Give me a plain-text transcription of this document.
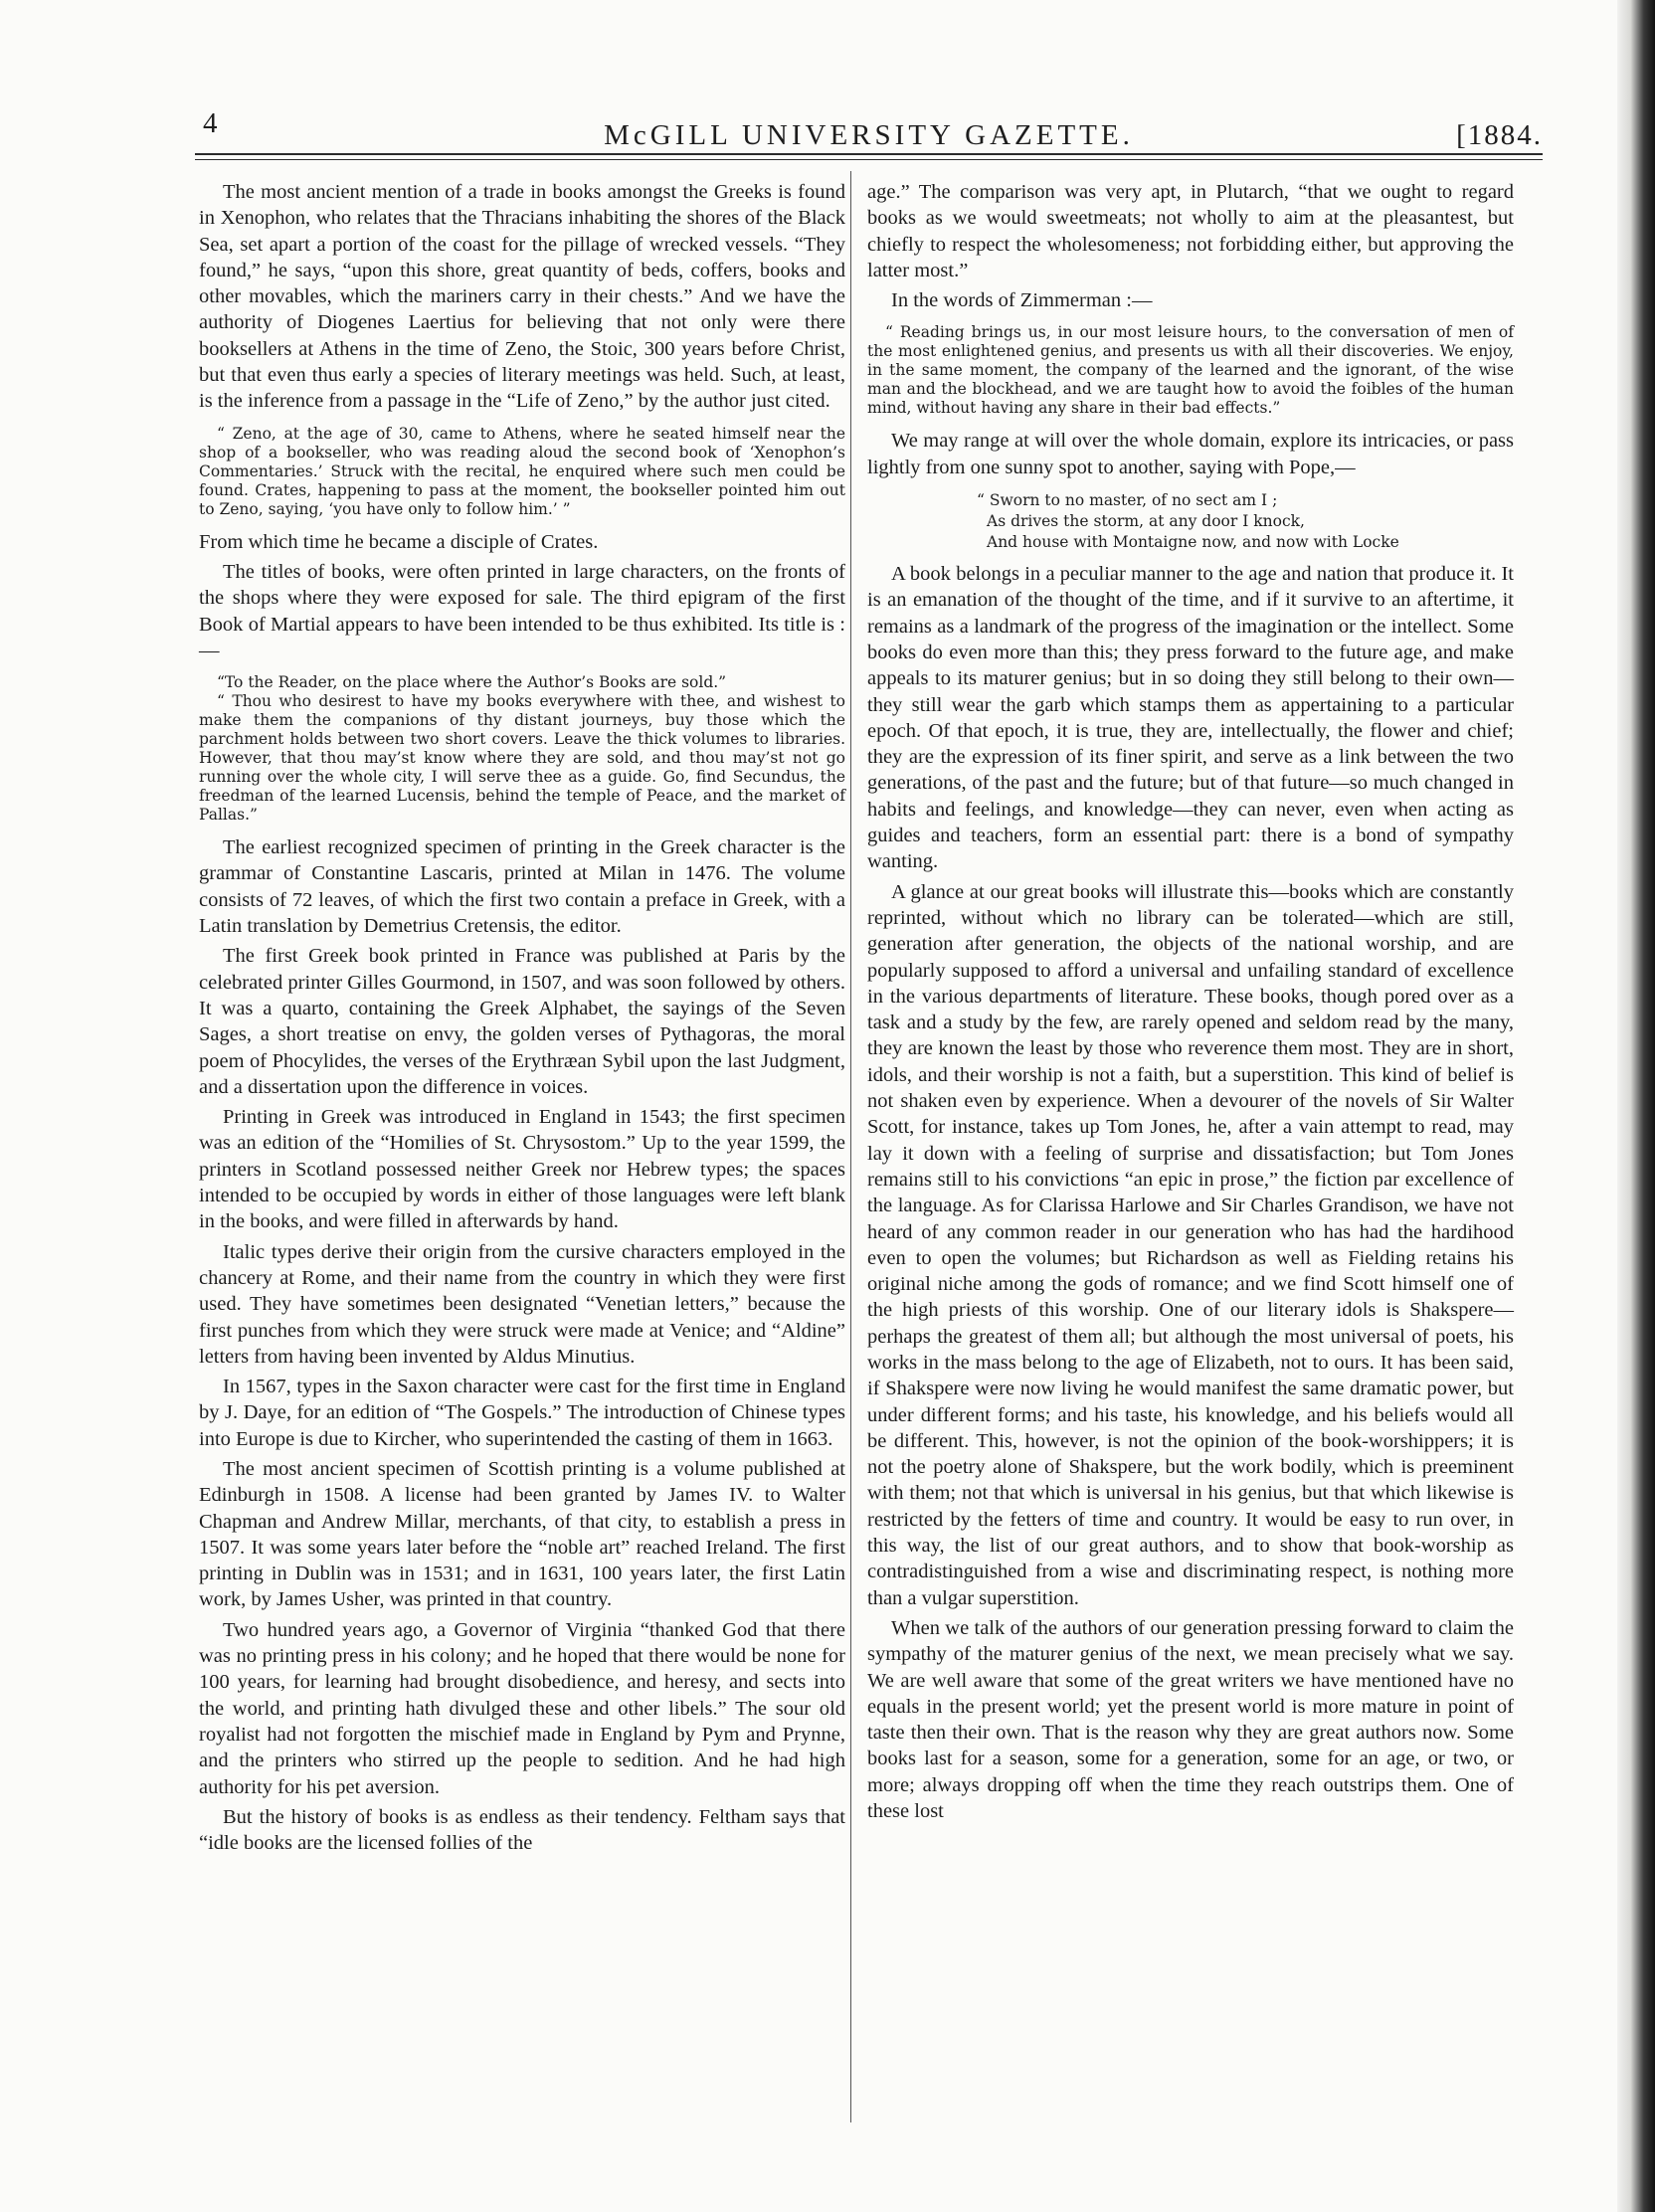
4	McGILL UNIVERSITY GAZETTE.	[1884.

The most ancient mention of a trade in books amongst the Greeks is found in Xenophon, who relates that the Thracians inhabiting the shores of the Black Sea, set apart a portion of the coast for the pillage of wrecked vessels. “They found,” he says, “upon this shore, great quantity of beds, coffers, books and other movables, which the mariners carry in their chests.” And we have the authority of Diogenes Laertius for believing that not only were there booksellers at Athens in the time of Zeno, the Stoic, 300 years before Christ, but that even thus early a species of literary meetings was held. Such, at least, is the inference from a passage in the “Life of Zeno,” by the author just cited.

“ Zeno, at the age of 30, came to Athens, where he seated himself near the shop of a bookseller, who was reading aloud the second book of ‘Xenophon’s Commentaries.’ Struck with the recital, he enquired where such men could be found. Crates, happening to pass at the moment, the bookseller pointed him out to Zeno, saying, ‘you have only to follow him.’ ”

From which time he became a disciple of Crates.

The titles of books, were often printed in large characters, on the fronts of the shops where they were exposed for sale. The third epigram of the first Book of Martial appears to have been intended to be thus exhibited. Its title is :—

“To the Reader, on the place where the Author’s Books are sold.”

“ Thou who desirest to have my books everywhere with thee, and wishest to make them the companions of thy distant journeys, buy those which the parchment holds between two short covers. Leave the thick volumes to libraries. However, that thou may’st know where they are sold, and thou may’st not go running over the whole city, I will serve thee as a guide. Go, find Secundus, the freedman of the learned Lucensis, behind the temple of Peace, and the market of Pallas.”

The earliest recognized specimen of printing in the Greek character is the grammar of Constantine Lascaris, printed at Milan in 1476. The volume consists of 72 leaves, of which the first two contain a preface in Greek, with a Latin translation by Demetrius Cretensis, the editor.

The first Greek book printed in France was published at Paris by the celebrated printer Gilles Gourmond, in 1507, and was soon followed by others. It was a quarto, containing the Greek Alphabet, the sayings of the Seven Sages, a short treatise on envy, the golden verses of Pythagoras, the moral poem of Phocylides, the verses of the Erythræan Sybil upon the last Judgment, and a dissertation upon the difference in voices.

Printing in Greek was introduced in England in 1543; the first specimen was an edition of the “Homilies of St. Chrysostom.” Up to the year 1599, the printers in Scotland possessed neither Greek nor Hebrew types; the spaces intended to be occupied by words in either of those languages were left blank in the books, and were filled in afterwards by hand.

Italic types derive their origin from the cursive characters employed in the chancery at Rome, and their name from the country in which they were first used. They have sometimes been designated “Venetian letters,” because the first punches from which they were struck were made at Venice; and “Aldine” letters from having been invented by Aldus Minutius.

In 1567, types in the Saxon character were cast for the first time in England by J. Daye, for an edition of “The Gospels.” The introduction of Chinese types into Europe is due to Kircher, who superintended the casting of them in 1663.

The most ancient specimen of Scottish printing is a volume published at Edinburgh in 1508. A license had been granted by James IV. to Walter Chapman and Andrew Millar, merchants, of that city, to establish a press in 1507. It was some years later before the “noble art” reached Ireland. The first printing in Dublin was in 1531; and in 1631, 100 years later, the first Latin work, by James Usher, was printed in that country.

Two hundred years ago, a Governor of Virginia “thanked God that there was no printing press in his colony; and he hoped that there would be none for 100 years, for learning had brought disobedience, and heresy, and sects into the world, and printing hath divulged these and other libels.” The sour old royalist had not forgotten the mischief made in England by Pym and Prynne, and the printers who stirred up the people to sedition. And he had high authority for his pet aversion.

But the history of books is as endless as their tendency. Feltham says that “idle books are the licensed follies of the

age.” The comparison was very apt, in Plutarch, “that we ought to regard books as we would sweetmeats; not wholly to aim at the pleasantest, but chiefly to respect the wholesomeness; not forbidding either, but approving the latter most.”

In the words of Zimmerman :—

“ Reading brings us, in our most leisure hours, to the conversation of men of the most enlightened genius, and presents us with all their discoveries. We enjoy, in the same moment, the company of the learned and the ignorant, of the wise man and the blockhead, and we are taught how to avoid the foibles of the human mind, without having any share in their bad effects.”

We may range at will over the whole domain, explore its intricacies, or pass lightly from one sunny spot to another, saying with Pope,—

“ Sworn to no master, of no sect am I ;
As drives the storm, at any door I knock,
And house with Montaigne now, and now with Locke

A book belongs in a peculiar manner to the age and nation that produce it. It is an emanation of the thought of the time, and if it survive to an aftertime, it remains as a landmark of the progress of the imagination or the intellect. Some books do even more than this; they press forward to the future age, and make appeals to its maturer genius; but in so doing they still belong to their own—they still wear the garb which stamps them as appertaining to a particular epoch. Of that epoch, it is true, they are, intellectually, the flower and chief; they are the expression of its finer spirit, and serve as a link between the two generations, of the past and the future; but of that future—so much changed in habits and feelings, and knowledge—they can never, even when acting as guides and teachers, form an essential part: there is a bond of sympathy wanting.

A glance at our great books will illustrate this—books which are constantly reprinted, without which no library can be tolerated—which are still, generation after generation, the objects of the national worship, and are popularly supposed to afford a universal and unfailing standard of excellence in the various departments of literature. These books, though pored over as a task and a study by the few, are rarely opened and seldom read by the many, they are known the least by those who reverence them most. They are in short, idols, and their worship is not a faith, but a superstition. This kind of belief is not shaken even by experience. When a devourer of the novels of Sir Walter Scott, for instance, takes up Tom Jones, he, after a vain attempt to read, may lay it down with a feeling of surprise and dissatisfaction; but Tom Jones remains still to his convictions “an epic in prose,” the fiction par excellence of the language. As for Clarissa Harlowe and Sir Charles Grandison, we have not heard of any common reader in our generation who has had the hardihood even to open the volumes; but Richardson as well as Fielding retains his original niche among the gods of romance; and we find Scott himself one of the high priests of this worship. One of our literary idols is Shakspere—perhaps the greatest of them all; but although the most universal of poets, his works in the mass belong to the age of Elizabeth, not to ours. It has been said, if Shakspere were now living he would manifest the same dramatic power, but under different forms; and his taste, his knowledge, and his beliefs would all be different. This, however, is not the opinion of the book-worshippers; it is not the poetry alone of Shakspere, but the work bodily, which is preeminent with them; not that which is universal in his genius, but that which likewise is restricted by the fetters of time and country. It would be easy to run over, in this way, the list of our great authors, and to show that book-worship as contradistinguished from a wise and discriminating respect, is nothing more than a vulgar superstition.

When we talk of the authors of our generation pressing forward to claim the sympathy of the maturer genius of the next, we mean precisely what we say. We are well aware that some of the great writers we have mentioned have no equals in the present world; yet the present world is more mature in point of taste then their own. That is the reason why they are great authors now. Some books last for a season, some for a generation, some for an age, or two, or more; always dropping off when the time they reach outstrips them. One of these lost
